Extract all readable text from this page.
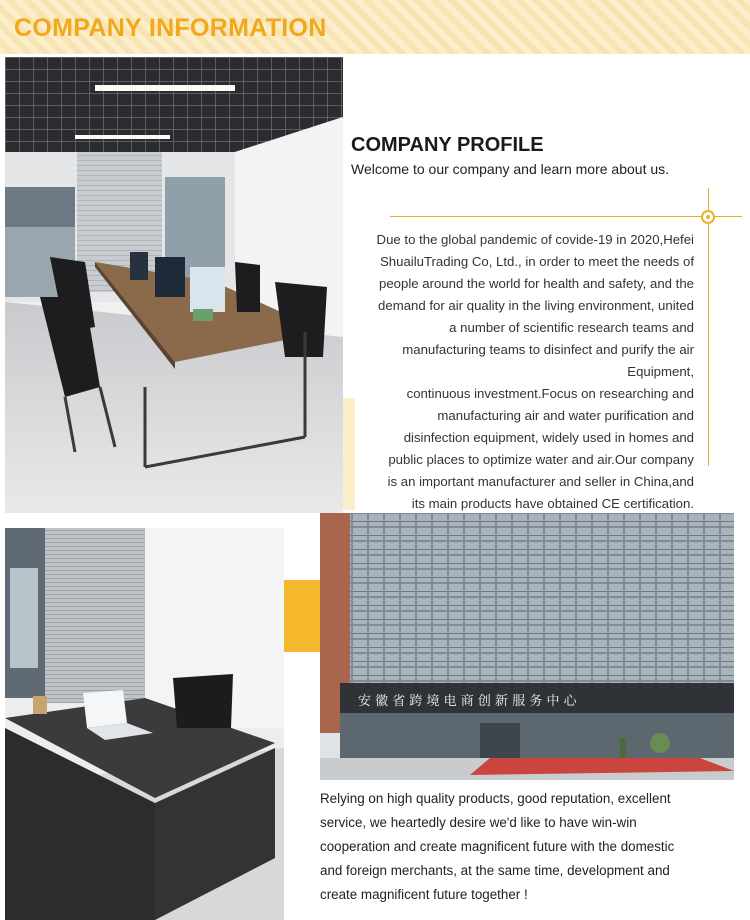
COMPANY INFORMATION
安 徽 省 跨 境 电 商 创 新 服 务 中 心
COMPANY PROFILE
Welcome to our company and learn more about us.
Due to the global pandemic of covide-19 in 2020,Hefei
ShuailuTrading Co, Ltd., in order to meet the needs of
people around the world for health and safety, and the
demand for air quality in the living environment, united
a number of scientific research teams and
manufacturing teams to disinfect and purify the air
Equipment,
continuous investment.Focus on researching and
manufacturing air and water purification and
disinfection equipment, widely used in homes and
public places to optimize water and air.Our company
is an important manufacturer and seller in China,and
its main products have obtained CE certification.
Relying on high quality products, good reputation, excellent
service, we heartedly desire we'd like to have win-win
cooperation and create magnificent future with the domestic
and foreign merchants, at the same time, development and
create magnificent future together !
